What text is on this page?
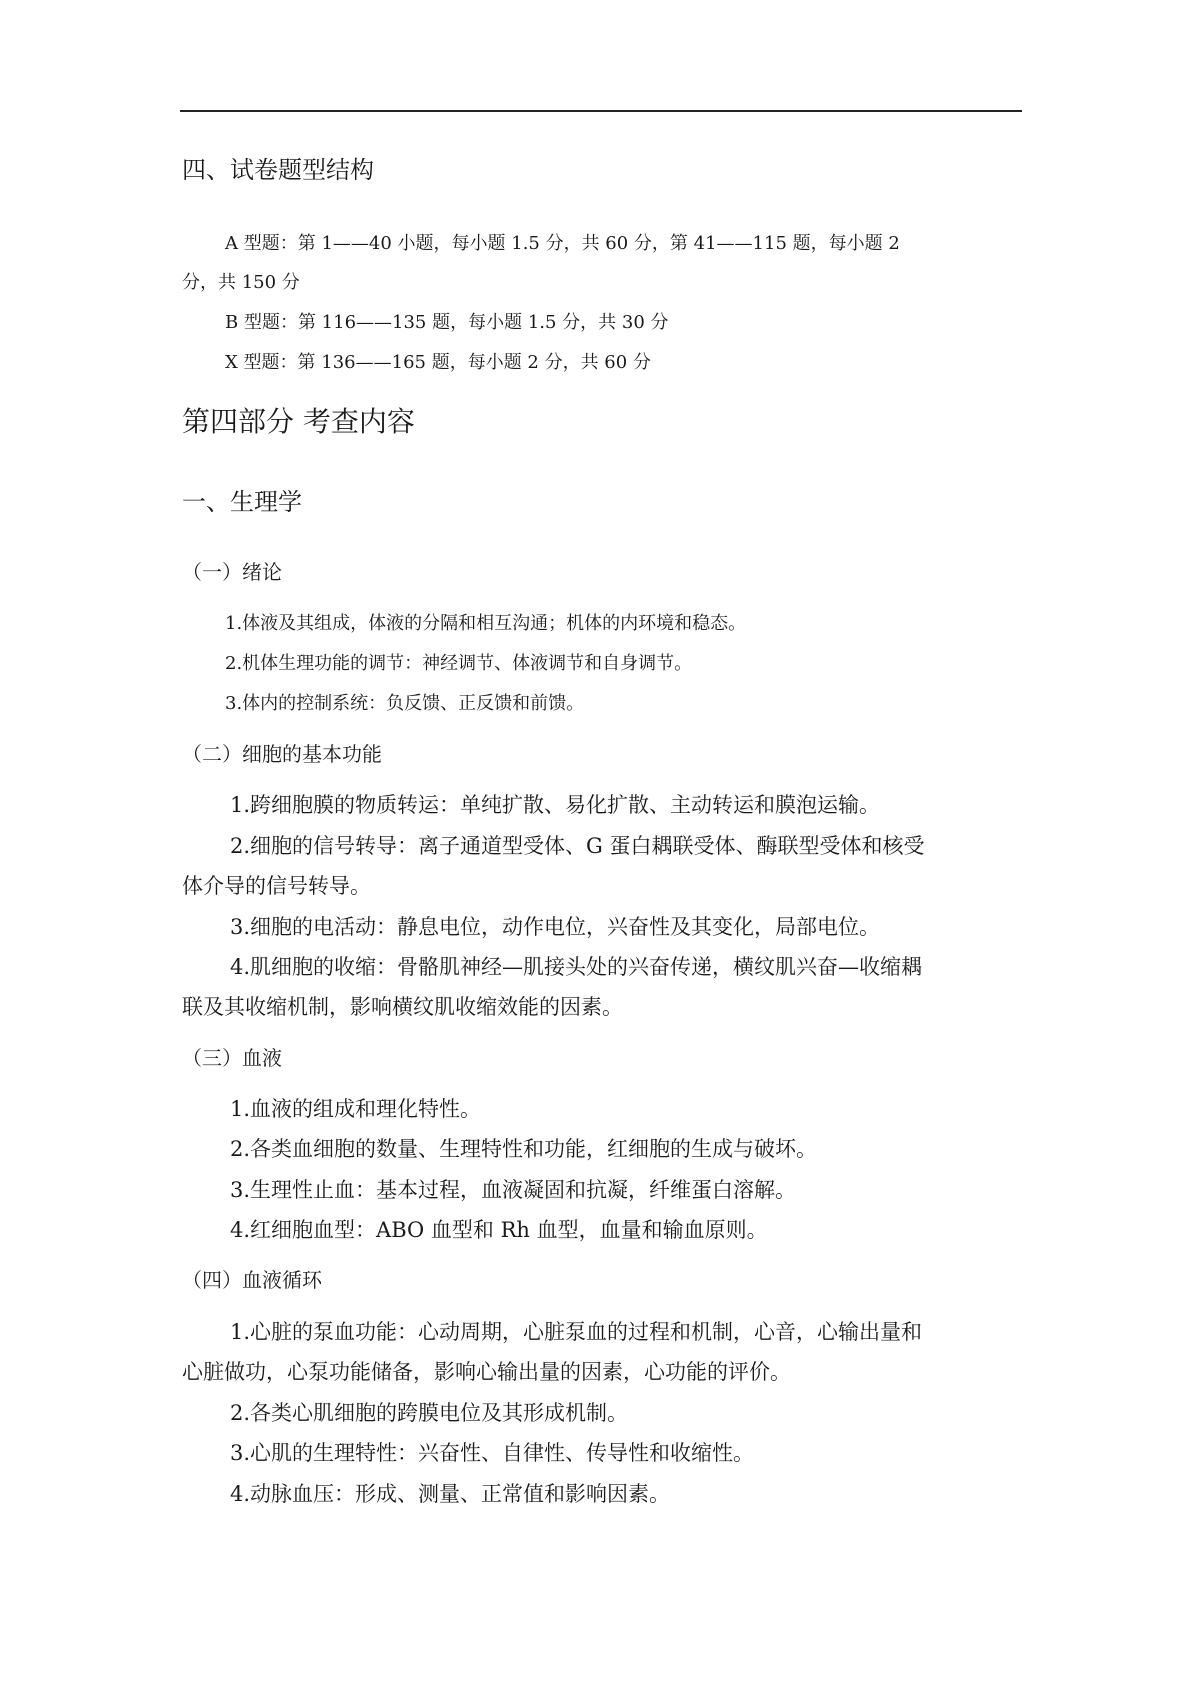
四、试卷题型结构
A 型题：第 1——40 小题，每小题 1.5 分，共 60 分，第 41——115 题，每小题 2
分，共 150 分
B 型题：第 116——135 题，每小题 1.5 分，共 30 分
X 型题：第 136——165 题，每小题 2 分，共 60 分
第四部分 考查内容
一、生理学
（一）绪论
1.体液及其组成，体液的分隔和相互沟通；机体的内环境和稳态。
2.机体生理功能的调节：神经调节、体液调节和自身调节。
3.体内的控制系统：负反馈、正反馈和前馈。
（二）细胞的基本功能
1.跨细胞膜的物质转运：单纯扩散、易化扩散、主动转运和膜泡运输。
2.细胞的信号转导：离子通道型受体、G 蛋白耦联受体、酶联型受体和核受
体介导的信号转导。
3.细胞的电活动：静息电位，动作电位，兴奋性及其变化，局部电位。
4.肌细胞的收缩：骨骼肌神经—肌接头处的兴奋传递，横纹肌兴奋—收缩耦
联及其收缩机制，影响横纹肌收缩效能的因素。
（三）血液
1.血液的组成和理化特性。
2.各类血细胞的数量、生理特性和功能，红细胞的生成与破坏。
3.生理性止血：基本过程，血液凝固和抗凝，纤维蛋白溶解。
4.红细胞血型：ABO 血型和 Rh 血型，血量和输血原则。
（四）血液循环
1.心脏的泵血功能：心动周期，心脏泵血的过程和机制，心音，心输出量和
心脏做功，心泵功能储备，影响心输出量的因素，心功能的评价。
2.各类心肌细胞的跨膜电位及其形成机制。
3.心肌的生理特性：兴奋性、自律性、传导性和收缩性。
4.动脉血压：形成、测量、正常值和影响因素。
